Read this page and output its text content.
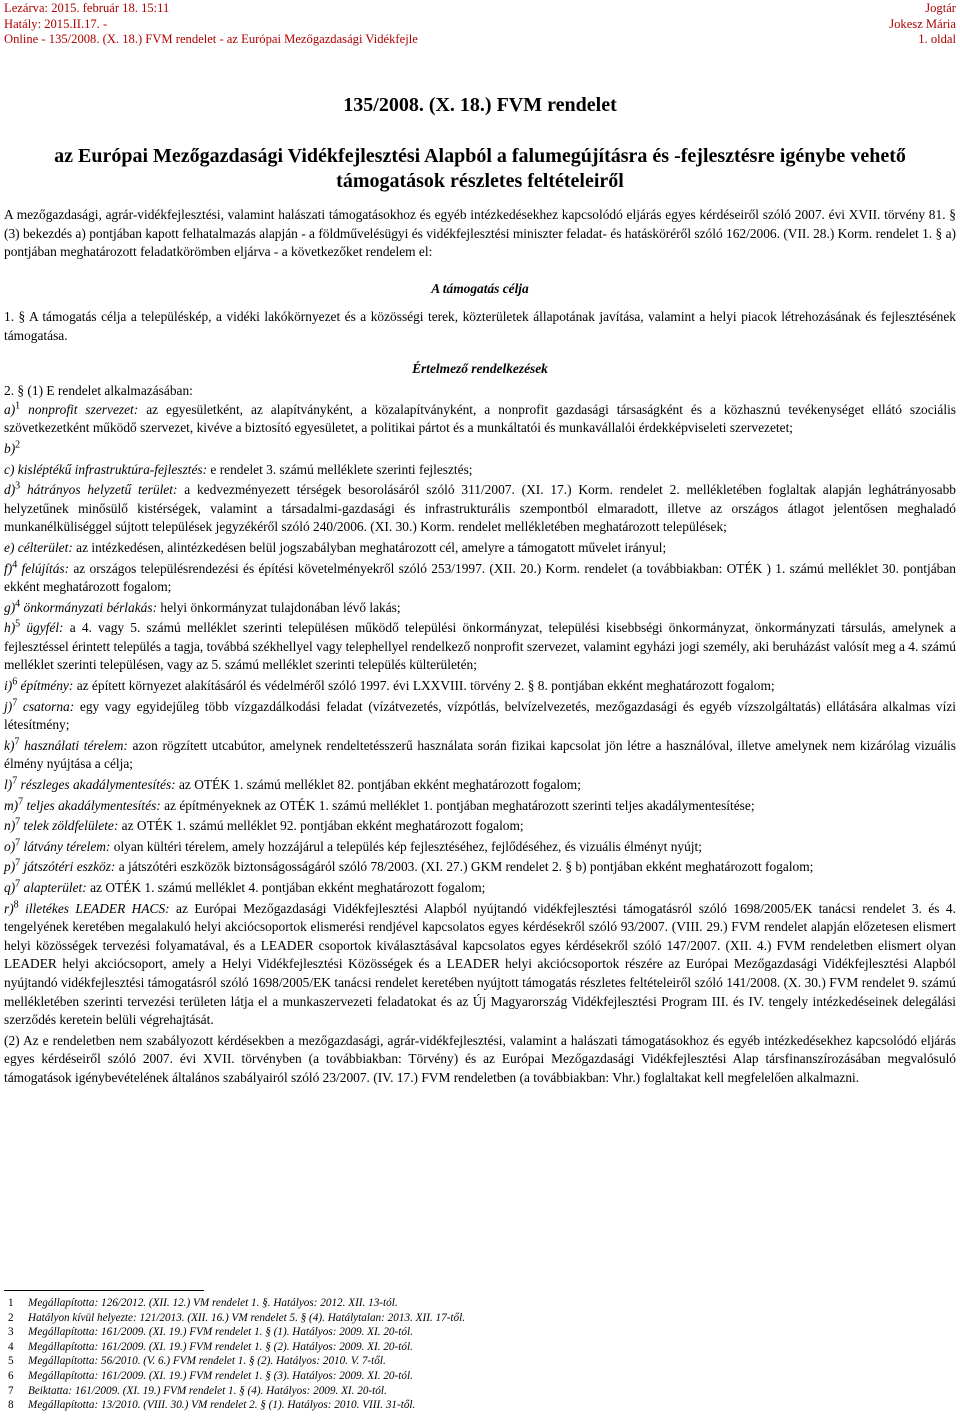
Lezárva: 2015. február 18. 15:11
Hatály: 2015.II.17. -
Online - 135/2008. (X. 18.) FVM rendelet - az Európai Mezőgazdasági Vidékfejle
Jogtár
Jokesz Mária
1. oldal
135/2008. (X. 18.) FVM rendelet
az Európai Mezőgazdasági Vidékfejlesztési Alapból a falumegújításra és -fejlesztésre igénybe vehető támogatások részletes feltételeiről

A mezőgazdasági, agrár-vidékfejlesztési, valamint halászati támogatásokhoz és egyéb intézkedésekhez kapcsolódó eljárás egyes kérdéseiről szóló 2007. évi XVII. törvény 81. § (3) bekezdés a) pontjában kapott felhatalmazás alapján - a földművelésügyi és vidékfejlesztési miniszter feladat- és hatásköréről szóló 162/2006. (VII. 28.) Korm. rendelet 1. § a) pontjában meghatározott feladatkörömben eljárva - a következőket rendelem el:

A támogatás célja

1. § A támogatás célja a településkép, a vidéki lakókörnyezet és a közösségi terek, közterületek állapotának javítása, valamint a helyi piacok létrehozásának és fejlesztésének támogatása.

Értelmező rendelkezések

2. § (1) E rendelet alkalmazásában:

a)$^1$ nonprofit szervezet: az egyesületként, az alapítványként, a közalapítványként, a nonprofit gazdasági társaságként és a közhasznú tevékenységet ellátó szociális szövetkezetként működő szervezet, kivéve a biztosító egyesületet, a politikai pártot és a munkáltatói és munkavállalói érdekképviseleti szervezetet;

b)$^2$

c) kisléptékű infrastruktúra-fejlesztés: e rendelet 3. számú melléklete szerinti fejlesztés;

d)$^3$ hátrányos helyzetű terület: a kedvezményezett térségek besorolásáról szóló 311/2007. (XI. 17.) Korm. rendelet 2. mellékletében foglaltak alapján leghátrányosabb helyzetűnek minősülő kistérségek, valamint a társadalmi-gazdasági és infrastrukturális szempontból elmaradott, illetve az országos átlagot jelentősen meghaladó munkanélküliséggel sújtott települések jegyzékéről szóló 240/2006. (XI. 30.) Korm. rendelet mellékletében meghatározott települések;

e) célterület: az intézkedésen, alintézkedésen belül jogszabályban meghatározott cél, amelyre a támogatott művelet irányul;

f)$^4$ felújítás: az országos településrendezési és építési követelményekről szóló 253/1997. (XII. 20.) Korm. rendelet (a továbbiakban: OTÉK ) 1. számú melléklet 30. pontjában ekként meghatározott fogalom;

g)$^4$ önkormányzati bérlakás: helyi önkormányzat tulajdonában lévő lakás;

h)$^5$ ügyfél: a 4. vagy 5. számú melléklet szerinti településen működő települési önkormányzat, települési kisebbségi önkormányzat, önkormányzati társulás, amelynek a fejlesztéssel érintett település a tagja, továbbá székhellyel vagy telephellyel rendelkező nonprofit szervezet, valamint egyházi jogi személy, aki beruházást valósít meg a 4. számú melléklet szerinti településen, vagy az 5. számú melléklet szerinti település külterületén;

i)$^6$ építmény: az épített környezet alakításáról és védelméről szóló 1997. évi LXXVIII. törvény 2. § 8. pontjában ekként meghatározott fogalom;

j)$^7$ csatorna: egy vagy egyidejűleg több vízgazdálkodási feladat (vízátvezetés, vízpótlás, belvízelvezetés, mezőgazdasági és egyéb vízszolgáltatás) ellátására alkalmas vízi létesítmény;

k)$^7$ használati térelem: azon rögzített utcabútor, amelynek rendeltetésszerű használata során fizikai kapcsolat jön létre a használóval, illetve amelynek nem kizárólag vizuális élmény nyújtása a célja;

l)$^7$ részleges akadálymentesítés: az OTÉK 1. számú melléklet 82. pontjában ekként meghatározott fogalom;

m)$^7$ teljes akadálymentesítés: az építményeknek az OTÉK 1. számú melléklet 1. pontjában meghatározott szerinti teljes akadálymentesítése;

n)$^7$ telek zöldfelülete: az OTÉK 1. számú melléklet 92. pontjában ekként meghatározott fogalom;

o)$^7$ látvány térelem: olyan kültéri térelem, amely hozzájárul a település kép fejlesztéséhez, fejlődéséhez, és vizuális élményt nyújt;

p)$^7$ játszótéri eszköz: a játszótéri eszközök biztonságosságáról szóló 78/2003. (XI. 27.) GKM rendelet 2. § b) pontjában ekként meghatározott fogalom;

q)$^7$ alapterület: az OTÉK 1. számú melléklet 4. pontjában ekként meghatározott fogalom;

r)$^8$ illetékes LEADER HACS: az Európai Mezőgazdasági Vidékfejlesztési Alapból nyújtandó vidékfejlesztési támogatásról szóló 1698/2005/EK tanácsi rendelet 3. és 4. tengelyének keretében megalakuló helyi akciócsoportok elismerési rendjével kapcsolatos egyes kérdésekről szóló 93/2007. (VIII. 29.) FVM rendelet alapján előzetesen elismert helyi közösségek tervezési folyamatával, és a LEADER csoportok kiválasztásával kapcsolatos egyes kérdésekről szóló 147/2007. (XII. 4.) FVM rendeletben elismert olyan LEADER helyi akciócsoport, amely a Helyi Vidékfejlesztési Közösségek és a LEADER helyi akciócsoportok részére az Európai Mezőgazdasági Vidékfejlesztési Alapból nyújtandó vidékfejlesztési támogatásról szóló 1698/2005/EK tanácsi rendelet keretében nyújtott támogatás részletes feltételeiről szóló 141/2008. (X. 30.) FVM rendelet 9. számú mellékletében szerinti tervezési területen látja el a munkaszervezeti feladatokat és az Új Magyarország Vidékfejlesztési Program III. és IV. tengely intézkedéseinek delegálási szerződés keretein belüli végrehajtását.

(2) Az e rendeletben nem szabályozott kérdésekben a mezőgazdasági, agrár-vidékfejlesztési, valamint a halászati támogatásokhoz és egyéb intézkedésekhez kapcsolódó eljárás egyes kérdéseiről szóló 2007. évi XVII. törvényben (a továbbiakban: Törvény) és az Európai Mezőgazdasági Vidékfejlesztési Alap társfinanszírozásában megvalósuló támogatások igénybevételének általános szabályairól szóló 23/2007. (IV. 17.) FVM rendeletben (a továbbiakban: Vhr.) foglaltakat kell megfelelően alkalmazni.

1 Megállapította: 126/2012. (XII. 12.) VM rendelet 1. §. Hatályos: 2012. XII. 13-tól.
2 Hatályon kívül helyezte: 121/2013. (XII. 16.) VM rendelet 5. § (4). Hatálytalan: 2013. XII. 17-től.
3 Megállapította: 161/2009. (XI. 19.) FVM rendelet 1. § (1). Hatályos: 2009. XI. 20-tól.
4 Megállapította: 161/2009. (XI. 19.) FVM rendelet 1. § (2). Hatályos: 2009. XI. 20-tól.
5 Megállapította: 56/2010. (V. 6.) FVM rendelet 1. § (2). Hatályos: 2010. V. 7-től.
6 Megállapította: 161/2009. (XI. 19.) FVM rendelet 1. § (3). Hatályos: 2009. XI. 20-tól.
7 Beiktatta: 161/2009. (XI. 19.) FVM rendelet 1. § (4). Hatályos: 2009. XI. 20-tól.
8 Megállapította: 13/2010. (VIII. 30.) VM rendelet 2. § (1). Hatályos: 2010. VIII. 31-től.
